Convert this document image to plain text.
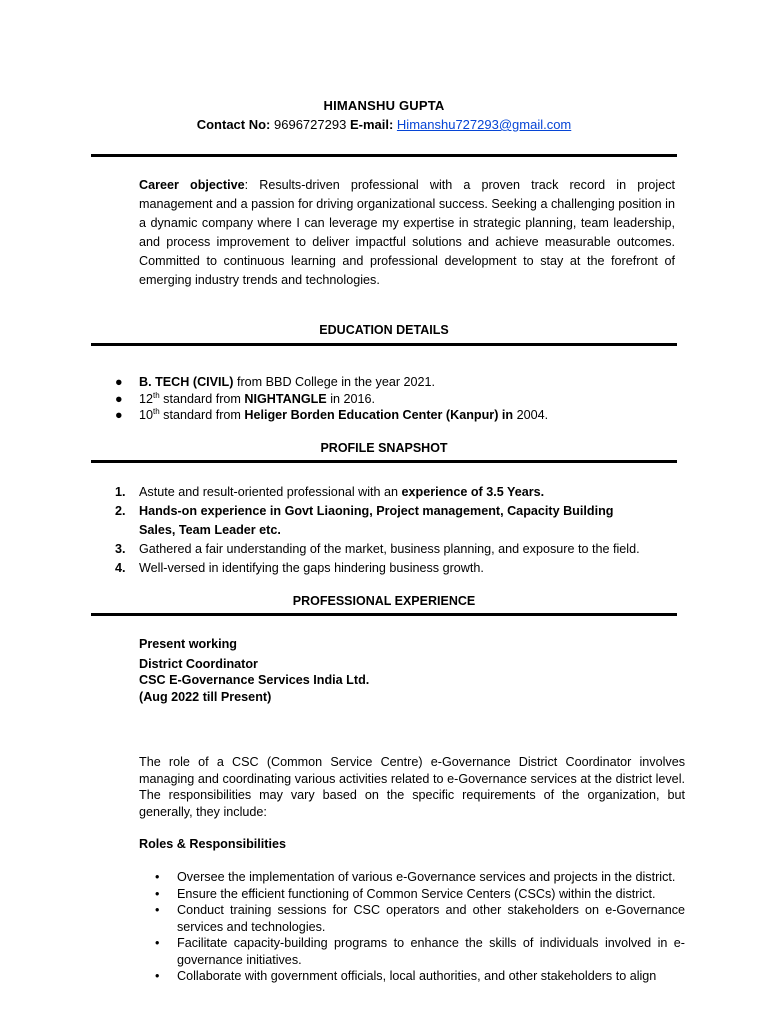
HIMANSHU GUPTA
Contact No: 9696727293 E-mail: Himanshu727293@gmail.com
Career objective: Results-driven professional with a proven track record in project management and a passion for driving organizational success. Seeking a challenging position in a dynamic company where I can leverage my expertise in strategic planning, team leadership, and process improvement to deliver impactful solutions and achieve measurable outcomes. Committed to continuous learning and professional development to stay at the forefront of emerging industry trends and technologies.
EDUCATION DETAILS
● B. TECH (CIVIL) from BBD College in the year 2021.
● 12th standard from NIGHTANGLE in 2016.
● 10th standard from Heliger Borden Education Center (Kanpur) in 2004.
PROFILE SNAPSHOT
1. Astute and result-oriented professional with an experience of 3.5 Years.
2. Hands-on experience in Govt Liaoning, Project management, Capacity Building Sales, Team Leader etc.
3. Gathered a fair understanding of the market, business planning, and exposure to the field.
4. Well-versed in identifying the gaps hindering business growth.
PROFESSIONAL EXPERIENCE
Present working
District Coordinator
CSC E-Governance Services India Ltd.
(Aug 2022 till Present)
The role of a CSC (Common Service Centre) e-Governance District Coordinator involves managing and coordinating various activities related to e-Governance services at the district level. The responsibilities may vary based on the specific requirements of the organization, but generally, they include:
Roles & Responsibilities
• Oversee the implementation of various e-Governance services and projects in the district.
• Ensure the efficient functioning of Common Service Centers (CSCs) within the district.
• Conduct training sessions for CSC operators and other stakeholders on e-Governance services and technologies.
• Facilitate capacity-building programs to enhance the skills of individuals involved in e-governance initiatives.
• Collaborate with government officials, local authorities, and other stakeholders to align
